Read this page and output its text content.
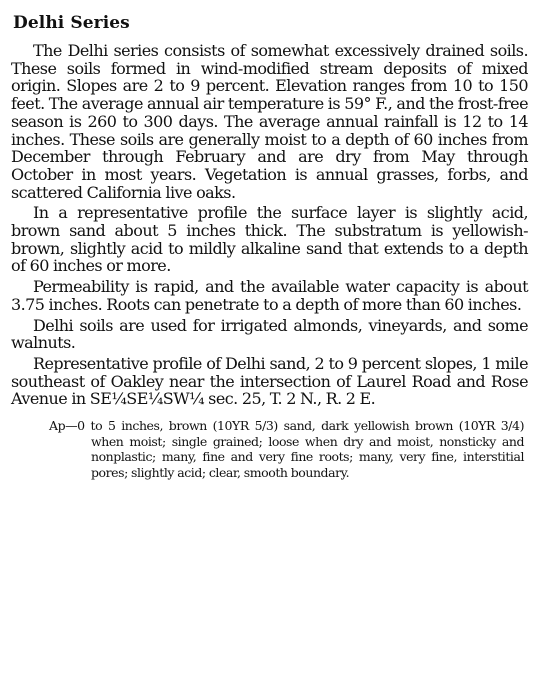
Delhi Series

The Delhi series consists of somewhat excessively drained soils. These soils formed in wind-modified stream deposits of mixed origin. Slopes are 2 to 9 percent. Elevation ranges from 10 to 150 feet. The average annual air temperature is 59° F., and the frost-free season is 260 to 300 days. The average annual rainfall is 12 to 14 inches. These soils are generally moist to a depth of 60 inches from December through February and are dry from May through October in most years. Vegetation is annual grasses, forbs, and scattered California live oaks.

In a representative profile the surface layer is slightly acid, brown sand about 5 inches thick. The substratum is yellowish-brown, slightly acid to mildly alkaline sand that extends to a depth of 60 inches or more.

Permeability is rapid, and the available water capacity is about 3.75 inches. Roots can penetrate to a depth of more than 60 inches.

Delhi soils are used for irrigated almonds, vineyards, and some walnuts.

Representative profile of Delhi sand, 2 to 9 percent slopes, 1 mile southeast of Oakley near the intersection of Laurel Road and Rose Avenue in SE¼SE¼SW¼ sec. 25, T. 2 N., R. 2 E.

Ap—0 to 5 inches, brown (10YR 5/3) sand, dark yellowish brown (10YR 3/4) when moist; single grained; loose when dry and moist, nonsticky and nonplastic; many, fine and very fine roots; many, very fine, interstitial pores; slightly acid; clear, smooth boundary.
